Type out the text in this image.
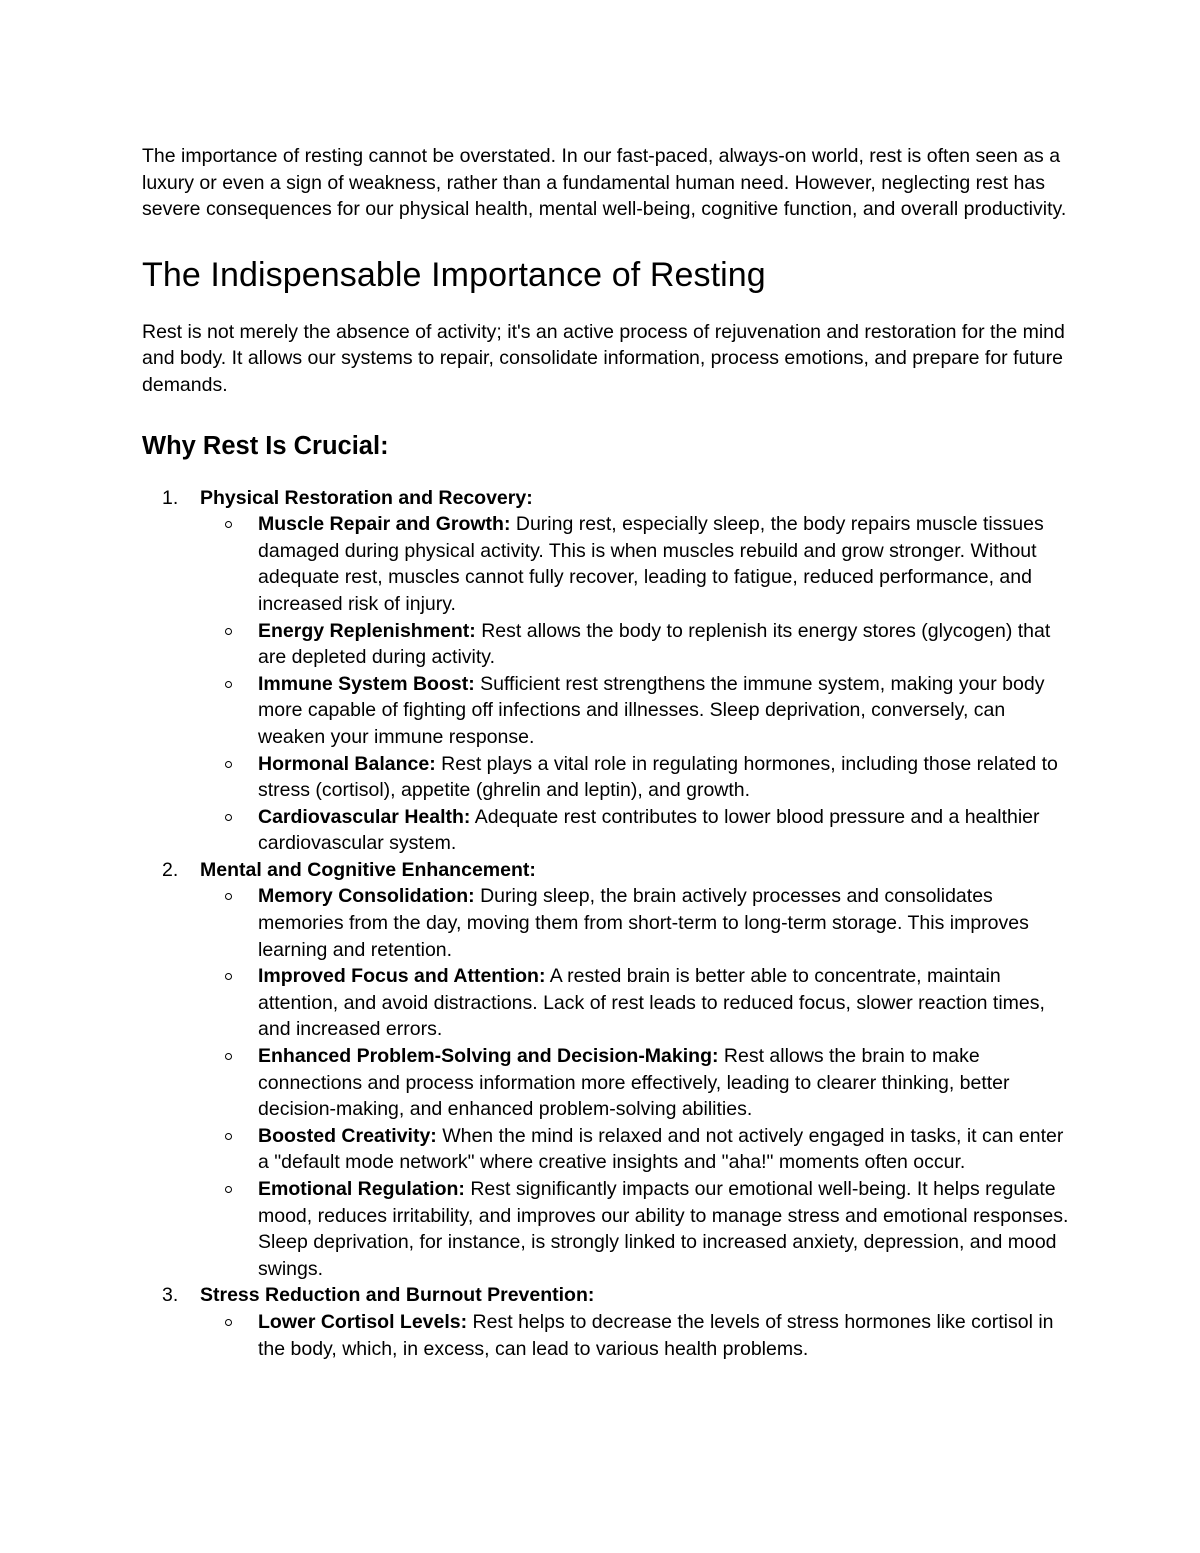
The importance of resting cannot be overstated. In our fast-paced, always-on world, rest is often seen as a luxury or even a sign of weakness, rather than a fundamental human need. However, neglecting rest has severe consequences for our physical health, mental well-being, cognitive function, and overall productivity.

The Indispensable Importance of Resting

Rest is not merely the absence of activity; it's an active process of rejuvenation and restoration for the mind and body. It allows our systems to repair, consolidate information, process emotions, and prepare for future demands.

Why Rest Is Crucial:
1.	Physical Restoration and Recovery:
Muscle Repair and Growth: During rest, especially sleep, the body repairs muscle tissues damaged during physical activity. This is when muscles rebuild and grow stronger. Without adequate rest, muscles cannot fully recover, leading to fatigue, reduced performance, and increased risk of injury.
Energy Replenishment: Rest allows the body to replenish its energy stores (glycogen) that are depleted during activity.
Immune System Boost: Sufficient rest strengthens the immune system, making your body more capable of fighting off infections and illnesses. Sleep deprivation, conversely, can weaken your immune response.
Hormonal Balance: Rest plays a vital role in regulating hormones, including those related to stress (cortisol), appetite (ghrelin and leptin), and growth.
Cardiovascular Health: Adequate rest contributes to lower blood pressure and a healthier cardiovascular system.
2.	Mental and Cognitive Enhancement:
Memory Consolidation: During sleep, the brain actively processes and consolidates memories from the day, moving them from short-term to long-term storage. This improves learning and retention.
Improved Focus and Attention: A rested brain is better able to concentrate, maintain attention, and avoid distractions. Lack of rest leads to reduced focus, slower reaction times, and increased errors.
Enhanced Problem-Solving and Decision-Making: Rest allows the brain to make connections and process information more effectively, leading to clearer thinking, better decision-making, and enhanced problem-solving abilities.
Boosted Creativity: When the mind is relaxed and not actively engaged in tasks, it can enter a "default mode network" where creative insights and "aha!" moments often occur.
Emotional Regulation: Rest significantly impacts our emotional well-being. It helps regulate mood, reduces irritability, and improves our ability to manage stress and emotional responses. Sleep deprivation, for instance, is strongly linked to increased anxiety, depression, and mood swings.
3.	Stress Reduction and Burnout Prevention:
Lower Cortisol Levels: Rest helps to decrease the levels of stress hormones like cortisol in the body, which, in excess, can lead to various health problems.
